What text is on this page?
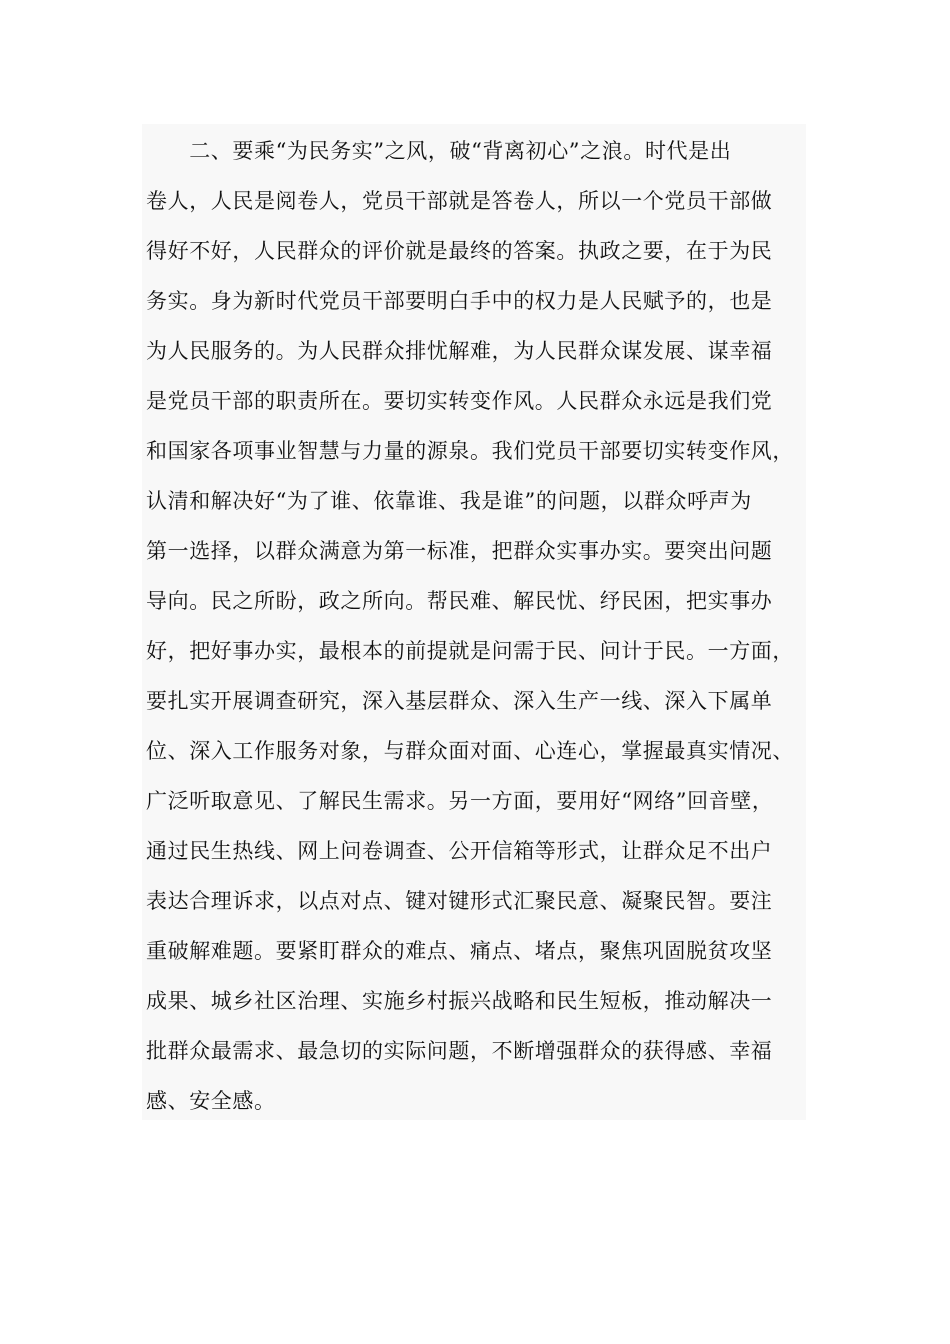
　　二、要乘“为民务实”之风，破“背离初心”之浪。时代是出
卷人，人民是阅卷人，党员干部就是答卷人，所以一个党员干部做
得好不好，人民群众的评价就是最终的答案。执政之要，在于为民
务实。身为新时代党员干部要明白手中的权力是人民赋予的，也是
为人民服务的。为人民群众排忧解难，为人民群众谋发展、谋幸福
是党员干部的职责所在。要切实转变作风。人民群众永远是我们党
和国家各项事业智慧与力量的源泉。我们党员干部要切实转变作风，
认清和解决好“为了谁、依靠谁、我是谁”的问题，以群众呼声为
第一选择，以群众满意为第一标准，把群众实事办实。要突出问题
导向。民之所盼，政之所向。帮民难、解民忧、纾民困，把实事办
好，把好事办实，最根本的前提就是问需于民、问计于民。一方面，
要扎实开展调查研究，深入基层群众、深入生产一线、深入下属单
位、深入工作服务对象，与群众面对面、心连心，掌握最真实情况、
广泛听取意见、了解民生需求。另一方面，要用好“网络”回音壁，
通过民生热线、网上问卷调查、公开信箱等形式，让群众足不出户
表达合理诉求，以点对点、键对键形式汇聚民意、凝聚民智。要注
重破解难题。要紧盯群众的难点、痛点、堵点，聚焦巩固脱贫攻坚
成果、城乡社区治理、实施乡村振兴战略和民生短板，推动解决一
批群众最需求、最急切的实际问题，不断增强群众的获得感、幸福
感、安全感。
